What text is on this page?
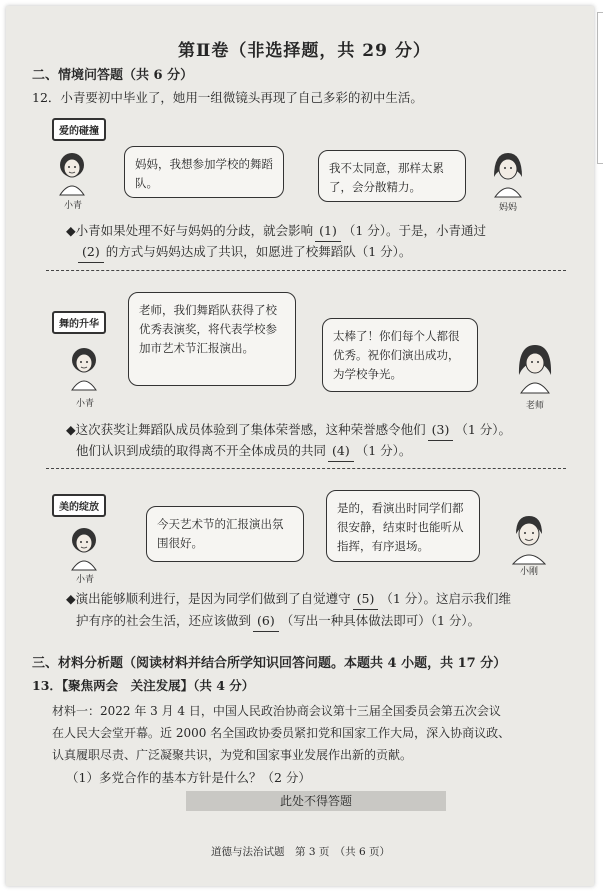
第Ⅱ卷（非选择题，共 29 分）
二、情境问答题（共 6 分）
12．小青要初中毕业了，她用一组微镜头再现了自己多彩的初中生活。
爱的碰撞
小青
妈妈，我想参加学校的舞蹈队。
我不太同意，那样太累了，会分散精力。
妈妈
◆小青如果处理不好与妈妈的分歧，就会影响 (1) （1 分）。于是，小青通过
(2) 的方式与妈妈达成了共识，如愿进了校舞蹈队（1 分）。
舞的升华
小青
老师，我们舞蹈队获得了校优秀表演奖，将代表学校参加市艺术节汇报演出。
太棒了！你们每个人都很优秀。祝你们演出成功，为学校争光。
老师
◆这次获奖让舞蹈队成员体验到了集体荣誉感，这种荣誉感令他们 (3) （1 分）。
他们认识到成绩的取得离不开全体成员的共同 (4) （1 分）。
美的绽放
小青
今天艺术节的汇报演出氛围很好。
是的，看演出时同学们都很安静，结束时也能听从指挥，有序退场。
小刚
◆演出能够顺利进行，是因为同学们做到了自觉遵守 (5) （1 分）。这启示我们维
护有序的社会生活，还应该做到 (6) （写出一种具体做法即可）（1 分）。
三、材料分析题（阅读材料并结合所学知识回答问题。本题共 4 小题，共 17 分）
13．【聚焦两会　关注发展】（共 4 分）
材料一：2022 年 3 月 4 日，中国人民政治协商会议第十三届全国委员会第五次会议
在人民大会堂开幕。近 2000 名全国政协委员紧扣党和国家工作大局，深入协商议政、
认真履职尽责、广泛凝聚共识，为党和国家事业发展作出新的贡献。
（1）多党合作的基本方针是什么？（2 分）
此处不得答题
道德与法治试题　第 3 页　（共 6 页）
